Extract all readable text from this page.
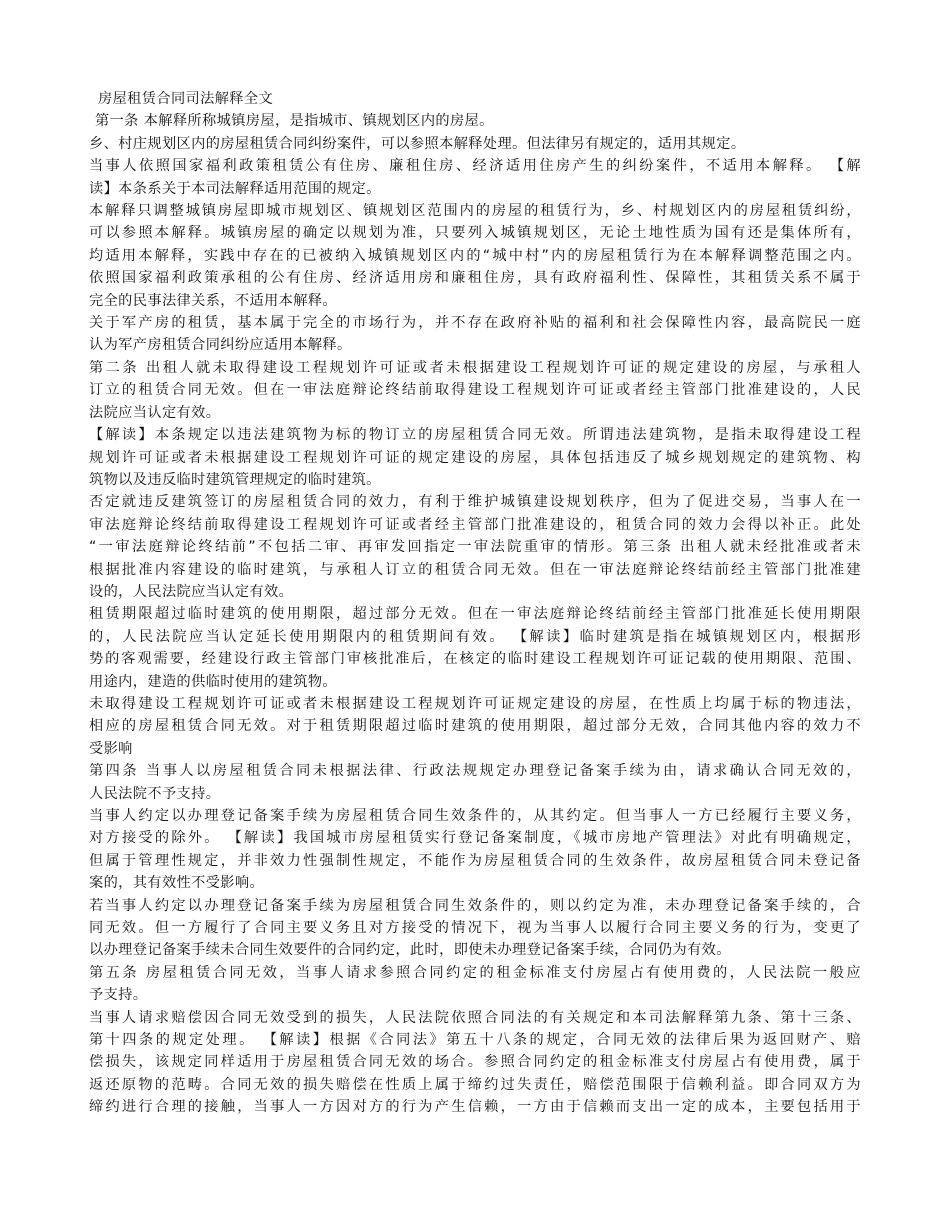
房屋租赁合同司法解释全文
第一条 本解释所称城镇房屋，是指城市、镇规划区内的房屋。
乡、村庄规划区内的房屋租赁合同纠纷案件，可以参照本解释处理。但法律另有规定的，适用其规定。
当事人依照国家福利政策租赁公有住房、廉租住房、经济适用住房产生的纠纷案件，不适用本解释。 【解
读】本条系关于本司法解释适用范围的规定。
本解释只调整城镇房屋即城市规划区、镇规划区范围内的房屋的租赁行为，乡、村规划区内的房屋租赁纠纷，
可以参照本解释。城镇房屋的确定以规划为准，只要列入城镇规划区，无论土地性质为国有还是集体所有，
均适用本解释，实践中存在的已被纳入城镇规划区内的“城中村”内的房屋租赁行为在本解释调整范围之内。
依照国家福利政策承租的公有住房、经济适用房和廉租住房，具有政府福利性、保障性，其租赁关系不属于
完全的民事法律关系，不适用本解释。
关于军产房的租赁，基本属于完全的市场行为，并不存在政府补贴的福利和社会保障性内容，最高院民一庭
认为军产房租赁合同纠纷应适用本解释。
第二条 出租人就未取得建设工程规划许可证或者未根据建设工程规划许可证的规定建设的房屋，与承租人
订立的租赁合同无效。但在一审法庭辩论终结前取得建设工程规划许可证或者经主管部门批准建设的，人民
法院应当认定有效。
【解读】本条规定以违法建筑物为标的物订立的房屋租赁合同无效。所谓违法建筑物，是指未取得建设工程
规划许可证或者未根据建设工程规划许可证的规定建设的房屋，具体包括违反了城乡规划规定的建筑物、构
筑物以及违反临时建筑管理规定的临时建筑。
否定就违反建筑签订的房屋租赁合同的效力，有利于维护城镇建设规划秩序，但为了促进交易，当事人在一
审法庭辩论终结前取得建设工程规划许可证或者经主管部门批准建设的，租赁合同的效力会得以补正。此处
“一审法庭辩论终结前”不包括二审、再审发回指定一审法院重审的情形。第三条 出租人就未经批准或者未
根据批准内容建设的临时建筑，与承租人订立的租赁合同无效。但在一审法庭辩论终结前经主管部门批准建
设的，人民法院应当认定有效。
租赁期限超过临时建筑的使用期限，超过部分无效。但在一审法庭辩论终结前经主管部门批准延长使用期限
的，人民法院应当认定延长使用期限内的租赁期间有效。 【解读】临时建筑是指在城镇规划区内，根据形
势的客观需要，经建设行政主管部门审核批准后，在核定的临时建设工程规划许可证记载的使用期限、范围、
用途内，建造的供临时使用的建筑物。
未取得建设工程规划许可证或者未根据建设工程规划许可证规定建设的房屋，在性质上均属于标的物违法，
相应的房屋租赁合同无效。对于租赁期限超过临时建筑的使用期限，超过部分无效，合同其他内容的效力不
受影响
第四条 当事人以房屋租赁合同未根据法律、行政法规规定办理登记备案手续为由，请求确认合同无效的，
人民法院不予支持。
当事人约定以办理登记备案手续为房屋租赁合同生效条件的，从其约定。但当事人一方已经履行主要义务，
对方接受的除外。 【解读】我国城市房屋租赁实行登记备案制度，《城市房地产管理法》对此有明确规定，
但属于管理性规定，并非效力性强制性规定，不能作为房屋租赁合同的生效条件，故房屋租赁合同未登记备
案的，其有效性不受影响。
若当事人约定以办理登记备案手续为房屋租赁合同生效条件的，则以约定为准，未办理登记备案手续的，合
同无效。但一方履行了合同主要义务且对方接受的情况下，视为当事人以履行合同主要义务的行为，变更了
以办理登记备案手续未合同生效要件的合同约定，此时，即使未办理登记备案手续，合同仍为有效。
第五条 房屋租赁合同无效，当事人请求参照合同约定的租金标准支付房屋占有使用费的，人民法院一般应
予支持。
当事人请求赔偿因合同无效受到的损失，人民法院依照合同法的有关规定和本司法解释第九条、第十三条、
第十四条的规定处理。 【解读】根据《合同法》第五十八条的规定，合同无效的法律后果为返回财产、赔
偿损失，该规定同样适用于房屋租赁合同无效的场合。参照合同约定的租金标准支付房屋占有使用费，属于
返还原物的范畴。合同无效的损失赔偿在性质上属于缔约过失责任，赔偿范围限于信赖利益。即合同双方为
缔约进行合理的接触，当事人一方因对方的行为产生信赖，一方由于信赖而支出一定的成本，主要包括用于
